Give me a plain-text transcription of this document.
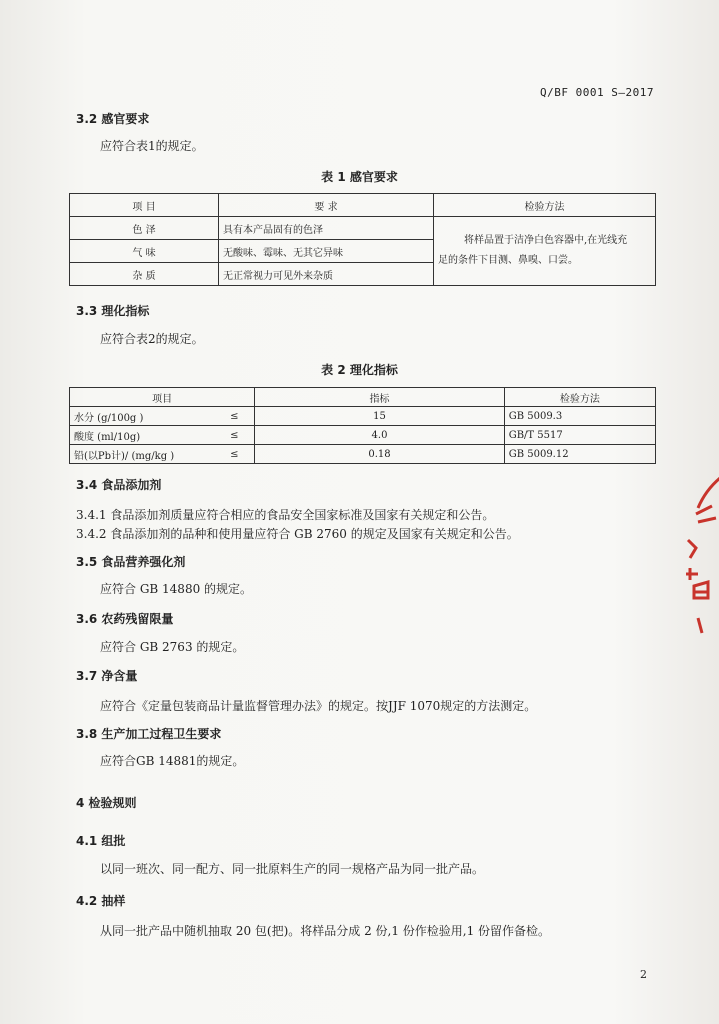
Q/BF 0001 S—2017
3.2 感官要求
应符合表1的规定。
表 1 感官要求
项 目	要 求	检验方法
色 泽	具有本产品固有的色泽	将样品置于洁净白色容器中,在光线充
足的条件下目测、鼻嗅、口尝。

气 味	无酸味、霉味、无其它异味	
杂 质	无正常视力可见外来杂质	
3.3 理化指标
应符合表2的规定。
表 2 理化指标
项目		指标	检验方法
水分 (g/100g )	≤	15	GB 5009.3
酸度 (ml/10g)	≤	4.0	GB/T 5517
铅(以Pb计)/ (mg/kg )	≤	0.18	GB 5009.12
3.4 食品添加剂
3.4.1 食品添加剂质量应符合相应的食品安全国家标准及国家有关规定和公告。
3.4.2 食品添加剂的品种和使用量应符合 GB 2760 的规定及国家有关规定和公告。
3.5 食品营养强化剂
应符合 GB 14880 的规定。
3.6 农药残留限量
应符合 GB 2763 的规定。
3.7 净含量
应符合《定量包装商品计量监督管理办法》的规定。按JJF 1070规定的方法测定。
3.8 生产加工过程卫生要求
应符合GB 14881的规定。
4 检验规则
4.1 组批
以同一班次、同一配方、同一批原料生产的同一规格产品为同一批产品。
4.2 抽样
从同一批产品中随机抽取 20 包(把)。将样品分成 2 份,1 份作检验用,1 份留作备检。
2
